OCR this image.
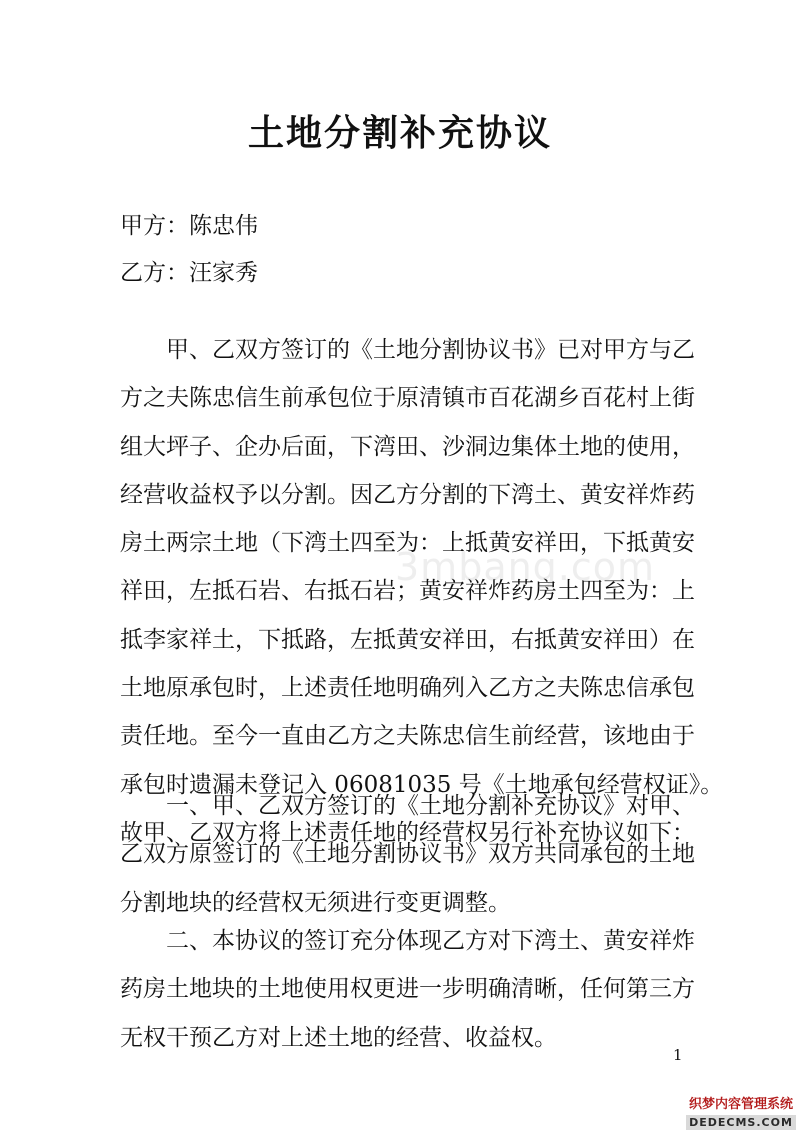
土地分割补充协议

甲方：陈忠伟

乙方：汪家秀

甲、乙双方签订的《土地分割协议书》已对甲方与乙
方之夫陈忠信生前承包位于原清镇市百花湖乡百花村上街
组大坪子、企办后面，下湾田、沙洞边集体土地的使用，
经营收益权予以分割。因乙方分割的下湾土、黄安祥炸药
房土两宗土地（下湾土四至为：上抵黄安祥田，下抵黄安
祥田，左抵石岩、右抵石岩；黄安祥炸药房土四至为：上
抵李家祥土，下抵路，左抵黄安祥田，右抵黄安祥田）在
土地原承包时，上述责任地明确列入乙方之夫陈忠信承包
责任地。至今一直由乙方之夫陈忠信生前经营，该地由于
承包时遗漏未登记入 06081035 号《土地承包经营权证》。
故甲、乙双方将上述责任地的经营权另行补充协议如下：
一、甲、乙双方签订的《土地分割补充协议》对甲、
乙双方原签订的《土地分割协议书》双方共同承包的土地
分割地块的经营权无须进行变更调整。
二、本协议的签订充分体现乙方对下湾土、黄安祥炸
药房土地块的土地使用权更进一步明确清晰，任何第三方
无权干预乙方对上述土地的经营、收益权。

3mbang.com

1

织梦内容管理系统
DEDECMS.COM
